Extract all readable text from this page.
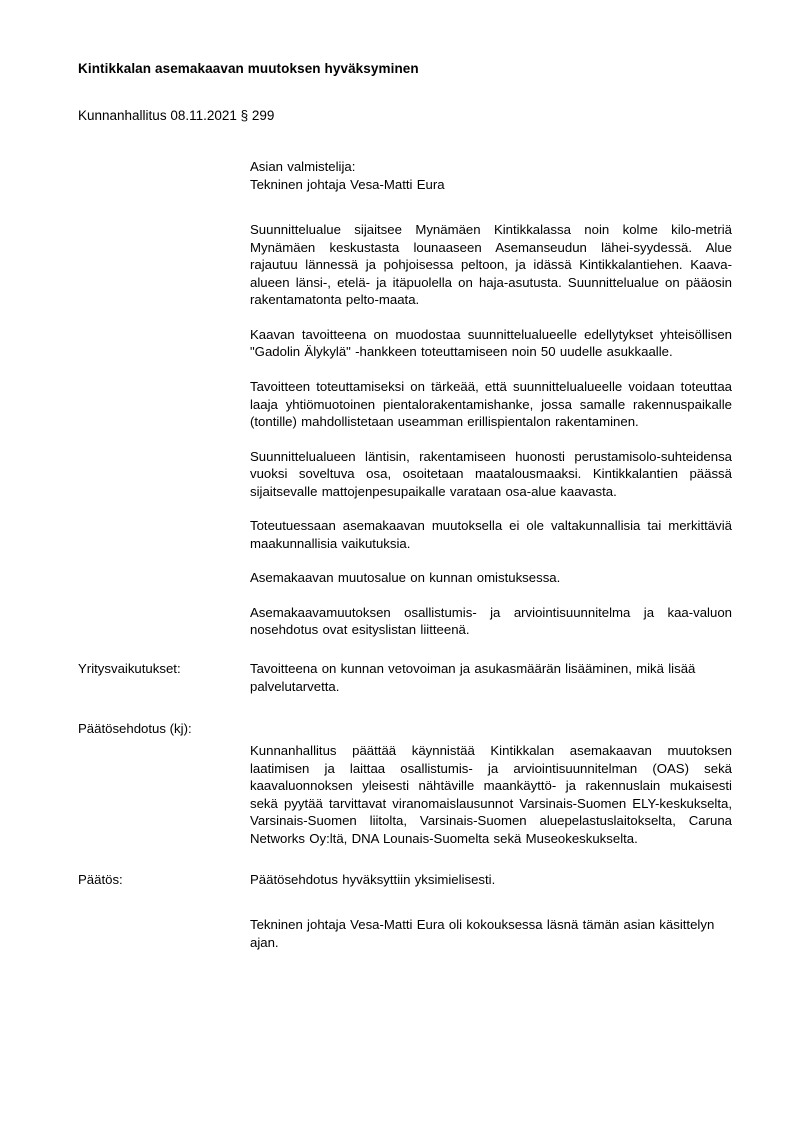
Kintikkalan asemakaavan muutoksen hyväksyminen
Kunnanhallitus 08.11.2021 § 299

Asian valmistelija:

Tekninen johtaja Vesa-Matti Eura

Suunnittelualue sijaitsee Mynämäen Kintikkalassa noin kolme kilo-metriä Mynämäen keskustasta lounaaseen Asemanseudun lähei-syydessä. Alue rajautuu lännessä ja pohjoisessa peltoon, ja idässä Kintikkalantiehen. Kaava-alueen länsi-, etelä- ja itäpuolella on haja-asutusta. Suunnittelualue on pääosin rakentamatonta pelto-maata.

Kaavan tavoitteena on muodostaa suunnittelualueelle edellytykset yhteisöllisen "Gadolin Älykylä" -hankkeen toteuttamiseen noin 50 uudelle asukkaalle.

Tavoitteen toteuttamiseksi on tärkeää, että suunnittelualueelle voidaan toteuttaa laaja yhtiömuotoinen pientalorakentamishanke, jossa samalle rakennuspaikalle (tontille) mahdollistetaan useamman erillispientalon rakentaminen.

Suunnittelualueen läntisin, rakentamiseen huonosti perustamisolo-suhteidensa vuoksi soveltuva osa, osoitetaan maatalousmaaksi. Kintikkalantien päässä sijaitsevalle mattojenpesupaikalle varataan osa-alue kaavasta.

Toteutuessaan asemakaavan muutoksella ei ole valtakunnallisia tai merkittäviä maakunnallisia vaikutuksia.

Asemakaavan muutosalue on kunnan omistuksessa.

Asemakaavamuutoksen osallistumis- ja arviointisuunnitelma ja kaa-valuon nosehdotus ovat esityslistan liitteenä.

Yritysvaikutukset:	Tavoitteena on kunnan vetovoiman ja asukasmäärän lisääminen, mikä lisää palvelutarvetta.

Päätösehdotus (kj):

Kunnanhallitus päättää käynnistää Kintikkalan asemakaavan muutoksen laatimisen ja laittaa osallistumis- ja arviointisuunnitelman (OAS) sekä kaavaluonnoksen yleisesti nähtäville maankäyttö- ja rakennuslain mukaisesti sekä pyytää tarvittavat viranomaislausunnot Varsinais-Suomen ELY-keskukselta, Varsinais-Suomen liitolta, Varsinais-Suomen aluepelastuslaitokselta, Caruna Networks Oy:ltä, DNA Lounais-Suomelta sekä Museokeskukselta.

Päätös:	Päätösehdotus hyväksyttiin yksimielisesti.

Tekninen johtaja Vesa-Matti Eura oli kokouksessa läsnä tämän asian käsittelyn ajan.
